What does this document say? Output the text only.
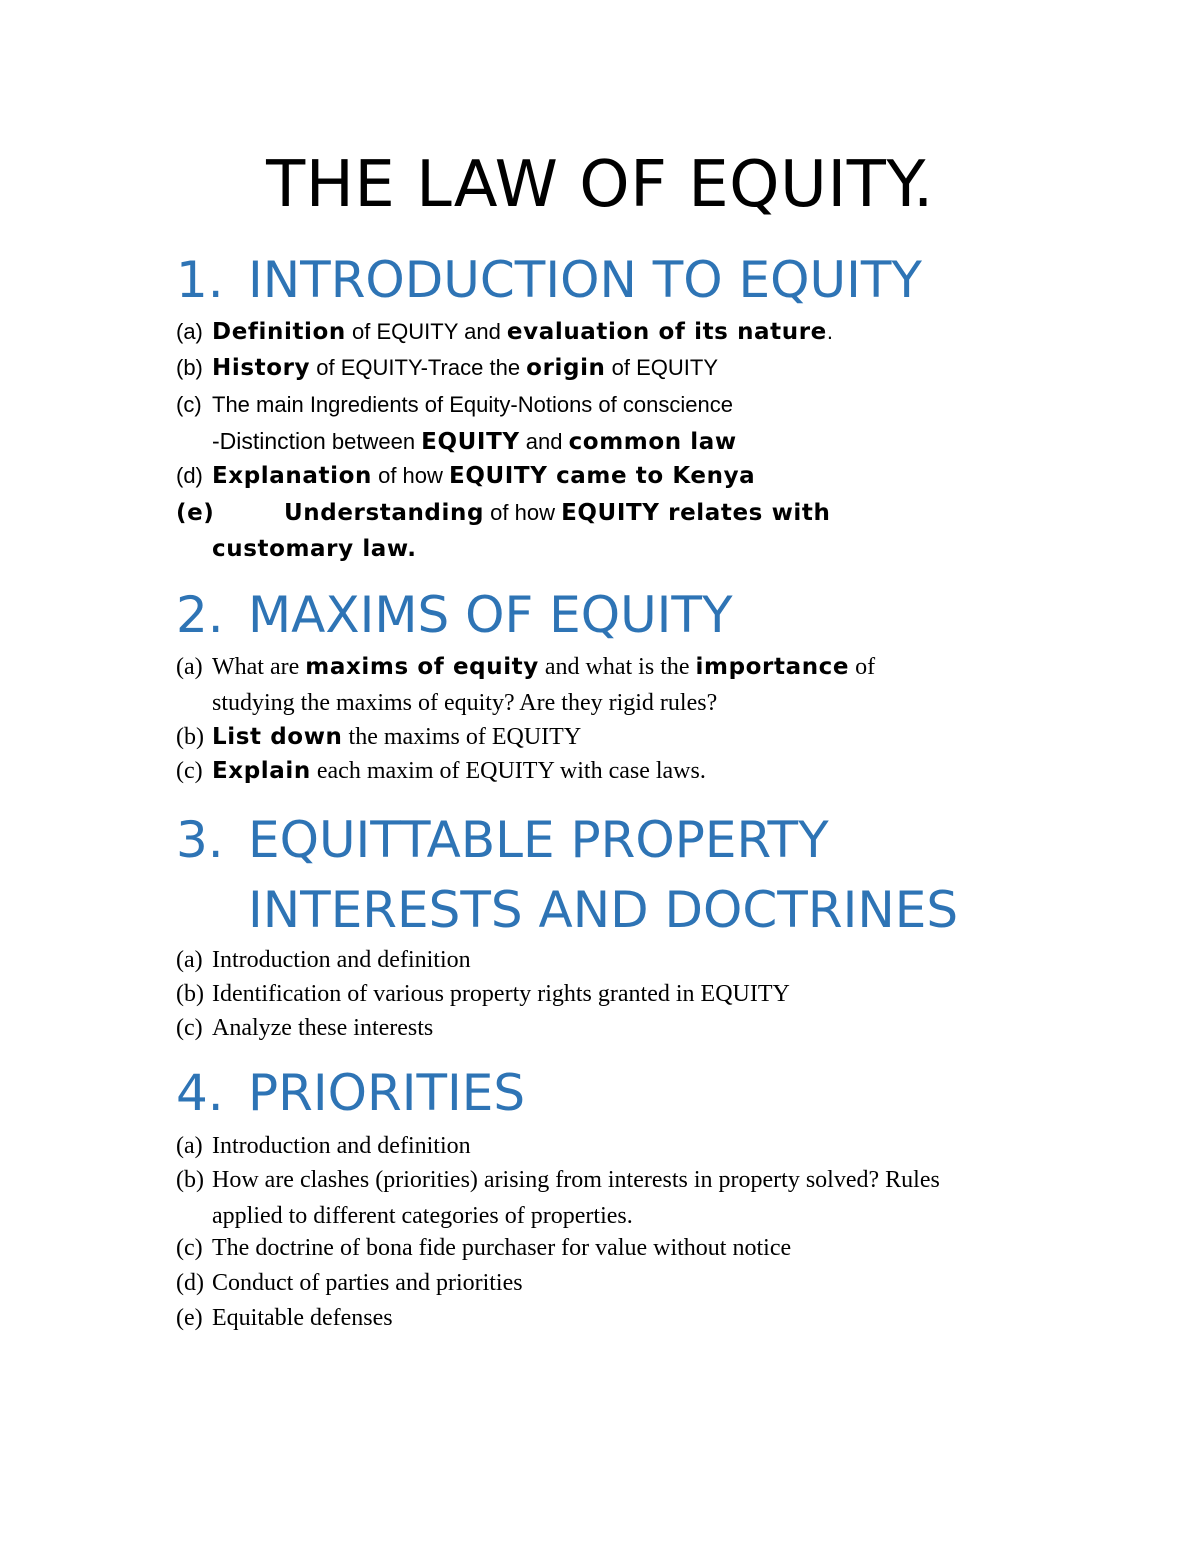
THE LAW OF EQUITY.
1. INTRODUCTION TO EQUITY
(a) Definition of EQUITY and evaluation of its nature.
(b) History of EQUITY-Trace the origin of EQUITY
(c) The main Ingredients of Equity-Notions of conscience
-Distinction between EQUITY and common law
(d) Explanation of how EQUITY came to Kenya
(e)	Understanding of how EQUITY relates with
customary law.
2. MAXIMS OF EQUITY
(a) What are maxims of equity and what is the importance of
studying the maxims of equity? Are they rigid rules?
(b) List down the maxims of EQUITY
(c) Explain each maxim of EQUITY with case laws.
3. EQUITTABLE PROPERTY
INTERESTS AND DOCTRINES
(a) Introduction and definition
(b) Identification of various property rights granted in EQUITY
(c) Analyze these interests
4. PRIORITIES
(a) Introduction and definition
(b) How are clashes (priorities) arising from interests in property solved? Rules
applied to different categories of properties.
(c) The doctrine of bona fide purchaser for value without notice
(d) Conduct of parties and priorities
(e) Equitable defenses
